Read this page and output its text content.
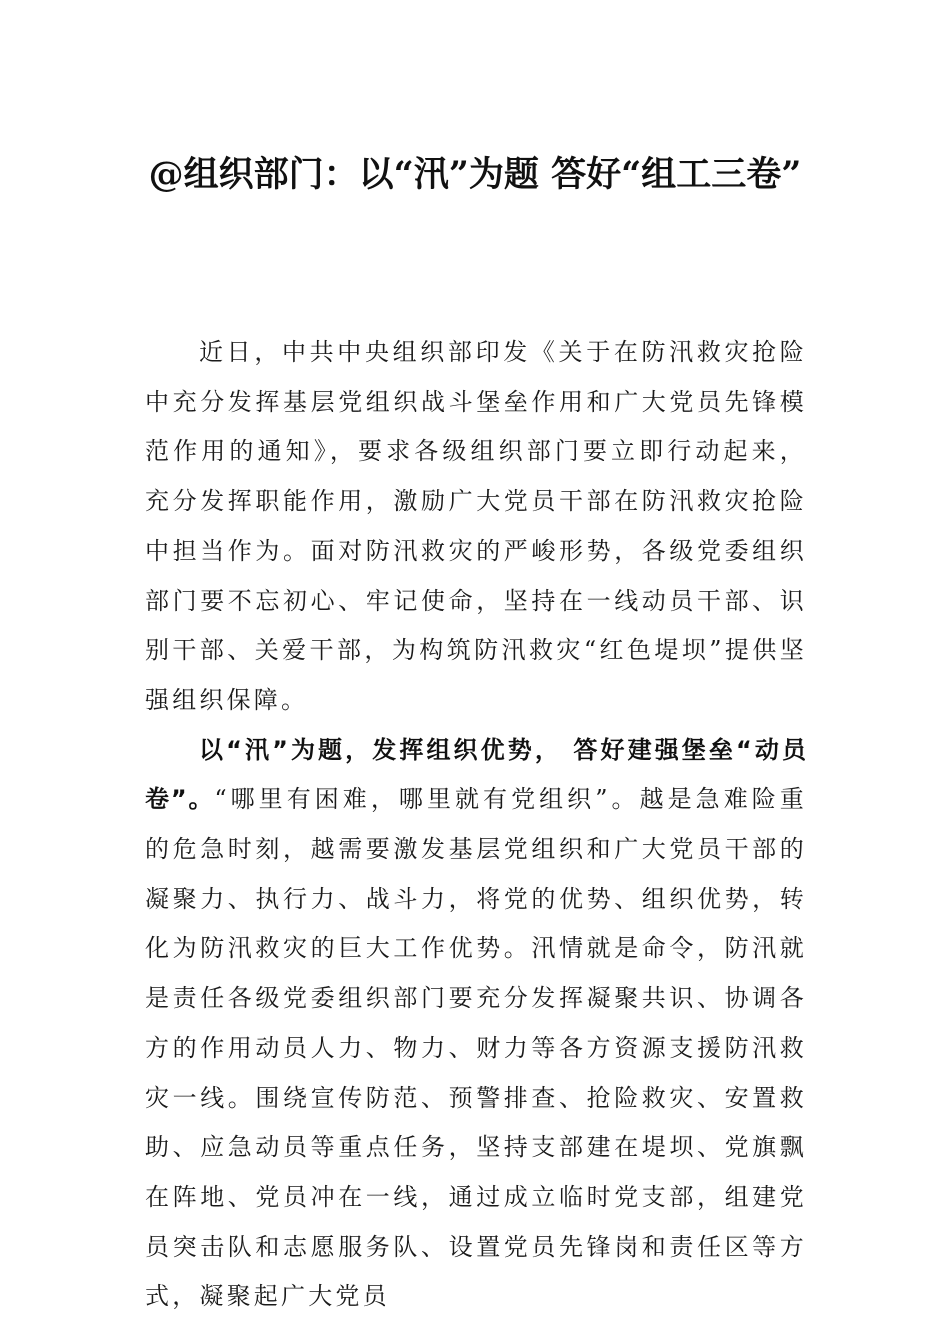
@组织部门：以“汛”为题 答好“组工三卷”

近日，中共中央组织部印发《关于在防汛救灾抢险中充分发挥基层党组织战斗堡垒作用和广大党员先锋模范作用的通知》，要求各级组织部门要立即行动起来，充分发挥职能作用，激励广大党员干部在防汛救灾抢险中担当作为。面对防汛救灾的严峻形势，各级党委组织部门要不忘初心、牢记使命，坚持在一线动员干部、识别干部、关爱干部，为构筑防汛救灾“红色堤坝”提供坚强组织保障。

以“汛”为题，发挥组织优势， 答好建强堡垒“动员卷”。“哪里有困难，哪里就有党组织”。越是急难险重的危急时刻，越需要激发基层党组织和广大党员干部的凝聚力、执行力、战斗力，将党的优势、组织优势，转化为防汛救灾的巨大工作优势。汛情就是命令，防汛就是责任各级党委组织部门要充分发挥凝聚共识、协调各方的作用动员人力、物力、财力等各方资源支援防汛救灾一线。围绕宣传防范、预警排查、抢险救灾、安置救助、应急动员等重点任务，坚持支部建在堤坝、党旗飘在阵地、党员冲在一线，通过成立临时党支部，组建党员突击队和志愿服务队、设置党员先锋岗和责任区等方式，凝聚起广大党员
